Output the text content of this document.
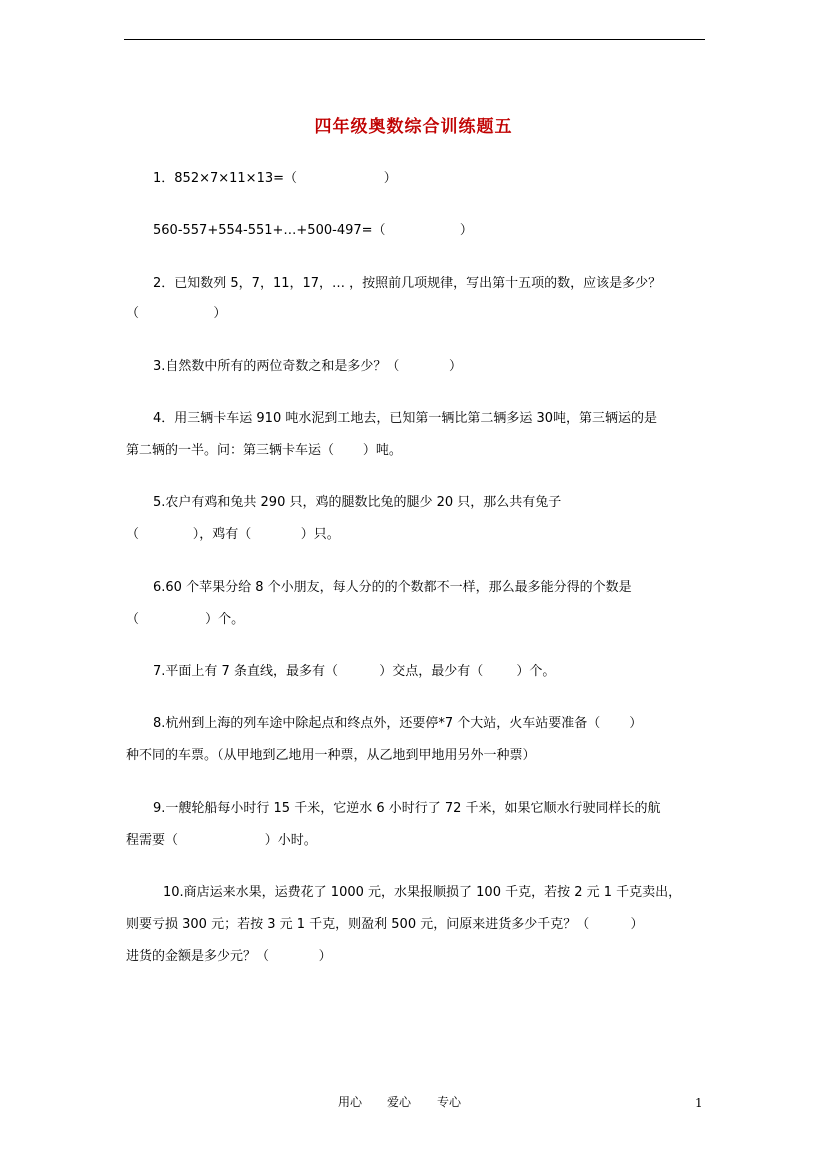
四年级奥数综合训练题五
1．852×7×11×13=（                     ）
560-557+554-551+…+500-497=（                  ）
2．已知数列 5，7，11，17，… ，按照前几项规律，写出第十五项的数，应该是多少？
（                  ）
3.自然数中所有的两位奇数之和是多少？（            ）
4．用三辆卡车运 910 吨水泥到工地去，已知第一辆比第二辆多运 30吨，第三辆运的是
第二辆的一半。问：第三辆卡车运（       ）吨。
5.农户有鸡和兔共 290 只，鸡的腿数比兔的腿少 20 只，那么共有兔子
（             ），鸡有（            ）只。
6.60 个苹果分给 8 个小朋友，每人分的的个数都不一样，那么最多能分得的个数是
（                ）个。
7.平面上有 7 条直线，最多有（          ）交点，最少有（        ）个。
8.杭州到上海的列车途中除起点和终点外，还要停*7 个大站，火车站要准备（       ）
种不同的车票。（从甲地到乙地用一种票，从乙地到甲地用另外一种票）
9.一艘轮船每小时行 15 千米，它逆水 6 小时行了 72 千米，如果它顺水行驶同样长的航
程需要（                     ）小时。
10.商店运来水果，运费花了 1000 元，水果报顺损了 100 千克，若按 2 元 1 千克卖出，
则要亏损 300 元；若按 3 元 1 千克，则盈利 500 元，问原来进货多少千克？（          ）
进货的金额是多少元？（            ）
用心 爱心 专心	1
